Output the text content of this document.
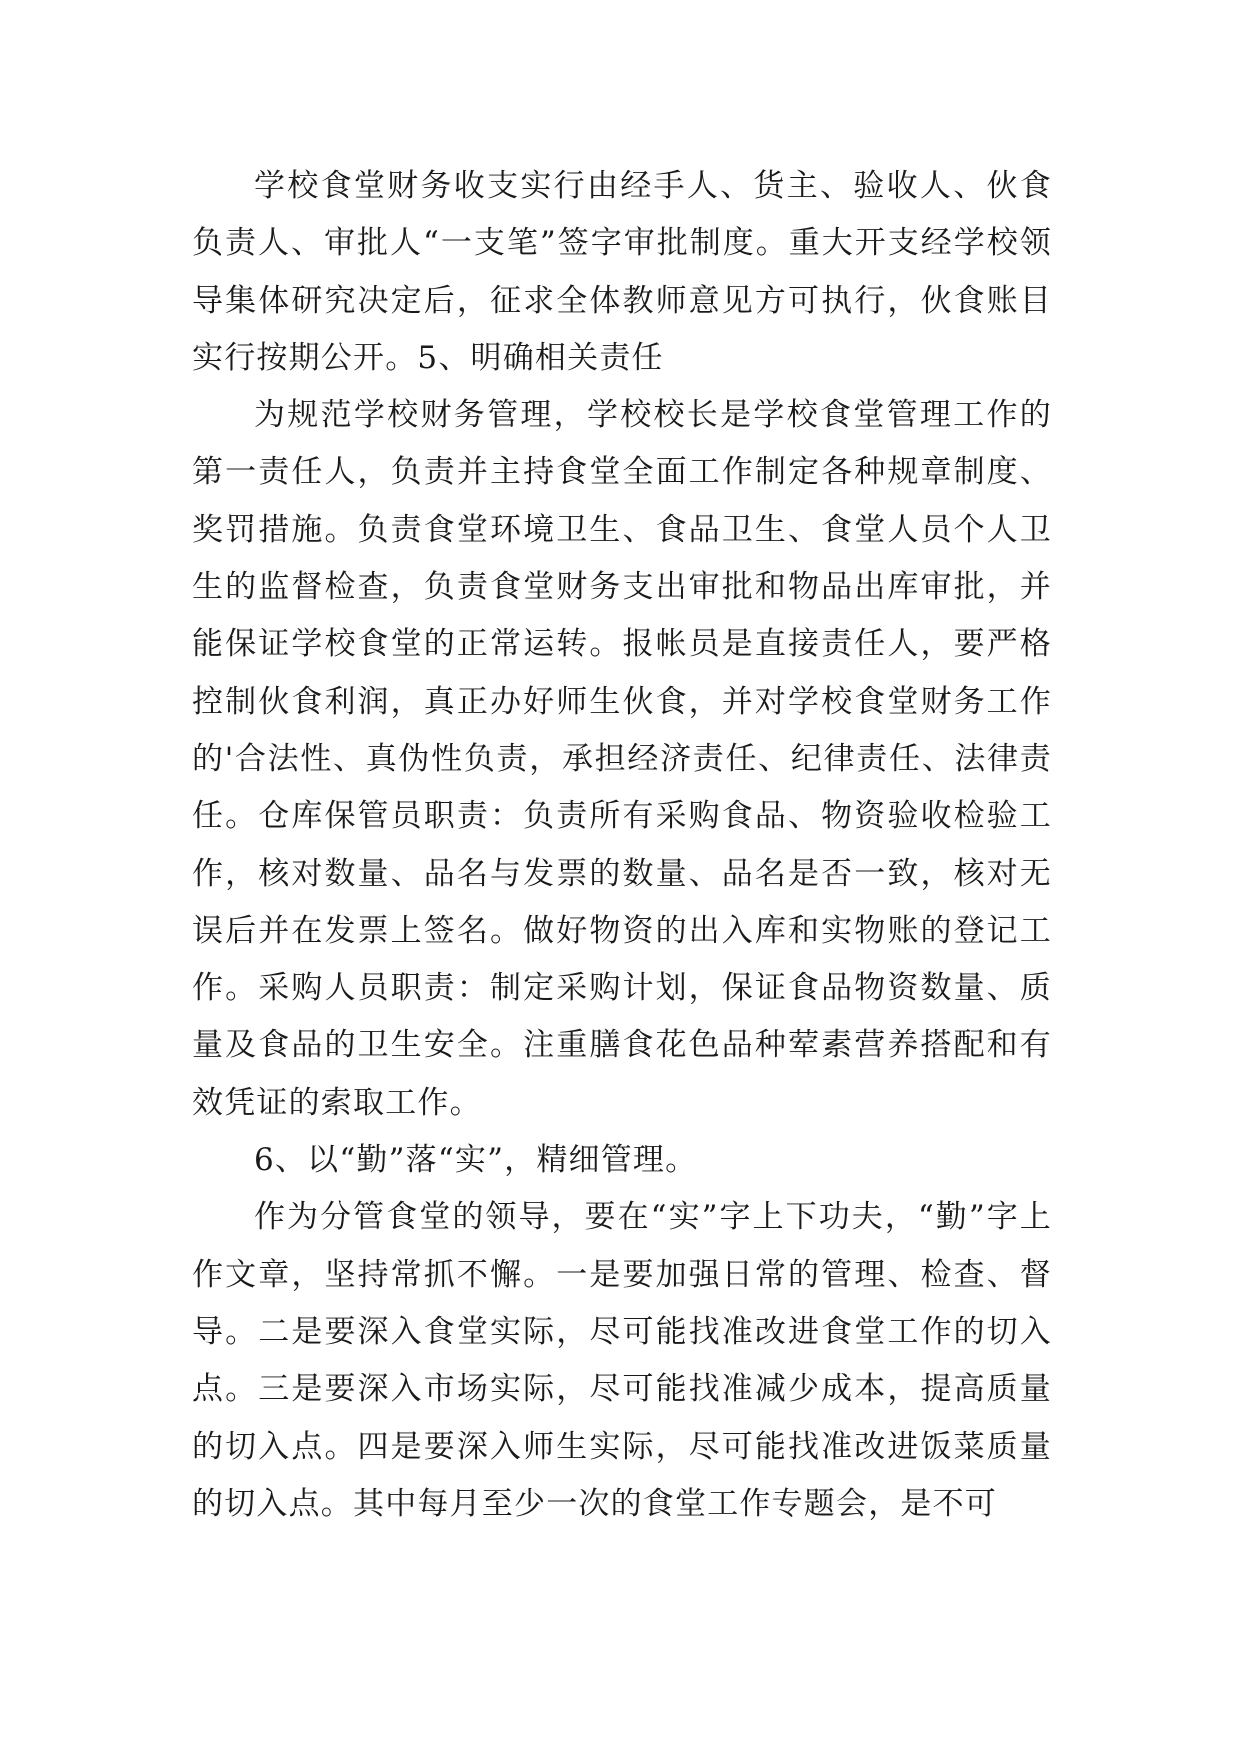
学校食堂财务收支实行由经手人、货主、验收人、伙食负责人、审批人“一支笔”签字审批制度。重大开支经学校领导集体研究决定后，征求全体教师意见方可执行，伙食账目实行按期公开。5、明确相关责任

为规范学校财务管理，学校校长是学校食堂管理工作的第一责任人，负责并主持食堂全面工作制定各种规章制度、奖罚措施。负责食堂环境卫生、食品卫生、食堂人员个人卫生的监督检查，负责食堂财务支出审批和物品出库审批，并能保证学校食堂的正常运转。报帐员是直接责任人，要严格控制伙食利润，真正办好师生伙食，并对学校食堂财务工作的'合法性、真伪性负责，承担经济责任、纪律责任、法律责任。仓库保管员职责：负责所有采购食品、物资验收检验工作，核对数量、品名与发票的数量、品名是否一致，核对无误后并在发票上签名。做好物资的出入库和实物账的登记工作。采购人员职责：制定采购计划，保证食品物资数量、质量及食品的卫生安全。注重膳食花色品种荤素营养搭配和有效凭证的索取工作。

6、以“勤”落“实”，精细管理。

作为分管食堂的领导，要在“实”字上下功夫，“勤”字上作文章，坚持常抓不懈。一是要加强日常的管理、检查、督导。二是要深入食堂实际，尽可能找准改进食堂工作的切入点。三是要深入市场实际，尽可能找准减少成本，提高质量的切入点。四是要深入师生实际，尽可能找准改进饭菜质量的切入点。其中每月至少一次的食堂工作专题会，是不可
